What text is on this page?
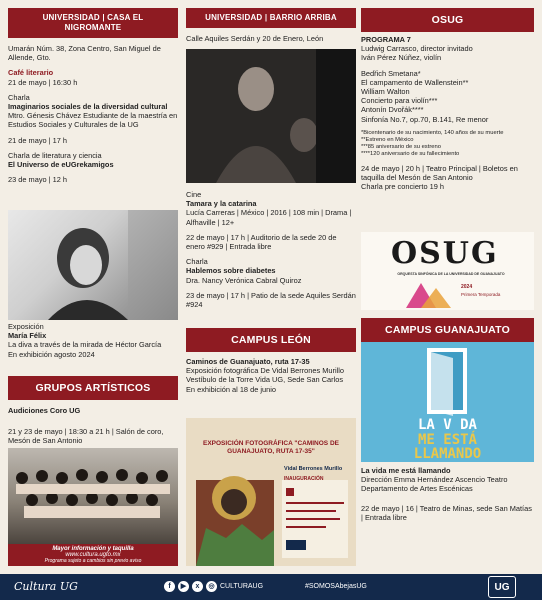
UNIVERSIDAD | CASA EL NIGROMANTE
Umarán Núm. 38, Zona Centro, San Miguel de Allende, Gto.
Café literario
21 de mayo | 16:30 h
Charla
Imaginarios sociales de la diversidad cultural
Mtro. Génesis Chávez Estudiante de la maestría en Estudios Sociales y Culturales de la UG
21 de mayo | 17 h
Charla de literatura y ciencia
El Universo de eUGrekamigos
23 de mayo | 12 h
Exposición
María Félix
La diva a través de la mirada de Héctor García
En exhibición agosto 2024
GRUPOS ARTÍSTICOS
Audiciones Coro UG
21 y 23 de mayo | 18:30 a 21 h | Salón de coro, Mesón de San Antonio
Mayor información y taquilla
www.cultura.ugto.mx
Programa sujeto a cambios sin previo aviso
UNIVERSIDAD | BARRIO ARRIBA
Calle Aquiles Serdán y 20 de Enero, León
Cine
Tamara y la catarina
Lucía Carreras | México | 2016 | 108 min | Drama | Alfhaville | 12+
22 de mayo | 17 h | Auditorio de la sede 20 de enero #929 | Entrada libre
Charla
Hablemos sobre diabetes
Dra. Nancy Verónica Cabral Quiroz
23 de mayo | 17 h | Patio de la sede Aquiles Serdán #924
CAMPUS LEÓN
Caminos de Guanajuato, ruta 17-35
Exposición fotográfica De Vidal Berrones Murillo Vestíbulo de la Torre Vida UG, Sede San Carlos
En exhibición al 18 de junio
EXPOSICIÓN FOTOGRÁFICA "CAMINOS DE GUANAJUATO, RUTA 17-35"
Vidal Berrones Murillo
INAUGURACIÓN
OSUG
PROGRAMA 7
Ludwig Carrasco, director invitado
Iván Pérez Núñez, violín
Bedřich Smetana*
El campamento de Wallenstein**
William Walton
Concierto para violín***
Antonín Dvořák****
Sinfonía No.7, op.70, B.141, Re menor
*Bicentenario de su nacimiento, 140 años de su muerte
**Estreno en México
***85 aniversario de su estreno
****120 aniversario de su fallecimiento
24 de mayo | 20 h | Teatro Principal | Boletos en taquilla del Mesón de San Antonio
Charla pre concierto 19 h
OSUG
ORQUESTA SINFÓNICA DE LA UNIVERSIDAD DE GUANAJUATO
2024
Primera Temporada
CAMPUS GUANAJUATO
LA V DA
ME ESTÁ
LLAMANDO
La vida me está llamando
Dirección Emma Hernández Ascencio Teatro Departamento de Artes Escénicas
22 de mayo | 16 | Teatro de Minas, sede San Matías | Entrada libre
Cultura UG	f	▶	x	◎ CULTURAUG	#SOMOSAbejasUG	UG
